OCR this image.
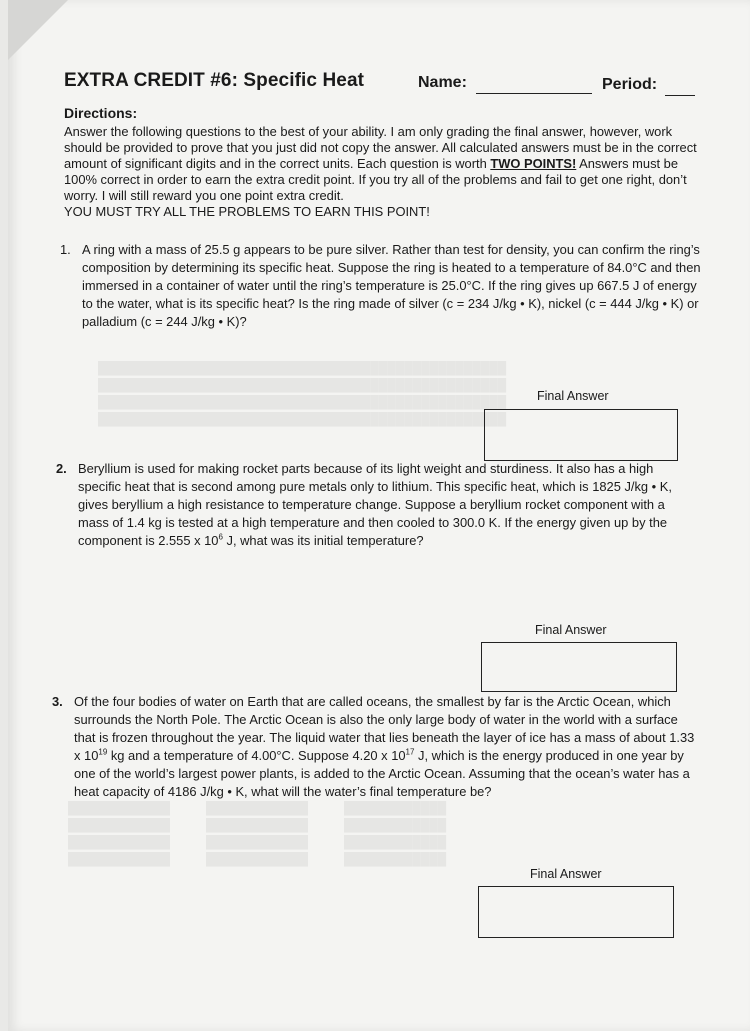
████████████████████████████████████████████████
████████████████████████████████████████████████
████████████████████████████████████████████████
████████████████████████████████████████████████
████████████　　　████████████　　　████████████
████████████　　　████████████　　　████████████
████████████　　　████████████　　　████████████
████████████　　　████████████　　　████████████
EXTRA CREDIT #6: Specific Heat	Name:	Period:
Directions:

Answer the following questions to the best of your ability. I am only grading the final answer, however, work should be provided to prove that you just did not copy the answer. All calculated answers must be in the correct amount of significant digits and in the correct units. Each question is worth TWO POINTS! Answers must be 100% correct in order to earn the extra credit point. If you try all of the problems and fail to get one right, don’t worry. I will still reward you one point extra credit.

YOU MUST TRY ALL THE PROBLEMS TO EARN THIS POINT!

1. A ring with a mass of 25.5 g appears to be pure silver. Rather than test for density, you can confirm the ring’s composition by determining its specific heat. Suppose the ring is heated to a temperature of 84.0°C and then immersed in a container of water until the ring’s temperature is 25.0°C. If the ring gives up 667.5 J of energy to the water, what is its specific heat? Is the ring made of silver (c = 234 J/kg • K), nickel (c = 444 J/kg • K) or palladium (c = 244 J/kg • K)?
Final Answer
2. Beryllium is used for making rocket parts because of its light weight and sturdiness. It also has a high specific heat that is second among pure metals only to lithium. This specific heat, which is 1825 J/kg • K, gives beryllium a high resistance to temperature change. Suppose a beryllium rocket component with a mass of 1.4 kg is tested at a high temperature and then cooled to 300.0 K. If the energy given up by the component is 2.555 x $10^6$ J, what was its initial temperature?
Final Answer
3. Of the four bodies of water on Earth that are called oceans, the smallest by far is the Arctic Ocean, which surrounds the North Pole. The Arctic Ocean is also the only large body of water in the world with a surface that is frozen throughout the year. The liquid water that lies beneath the layer of ice has a mass of about 1.33 x $10^{19}$ kg and a temperature of 4.00°C. Suppose 4.20 x $10^{17}$ J, which is the energy produced in one year by one of the world’s largest power plants, is added to the Arctic Ocean. Assuming that the ocean’s water has a heat capacity of 4186 J/kg • K, what will the water’s final temperature be?
Final Answer
